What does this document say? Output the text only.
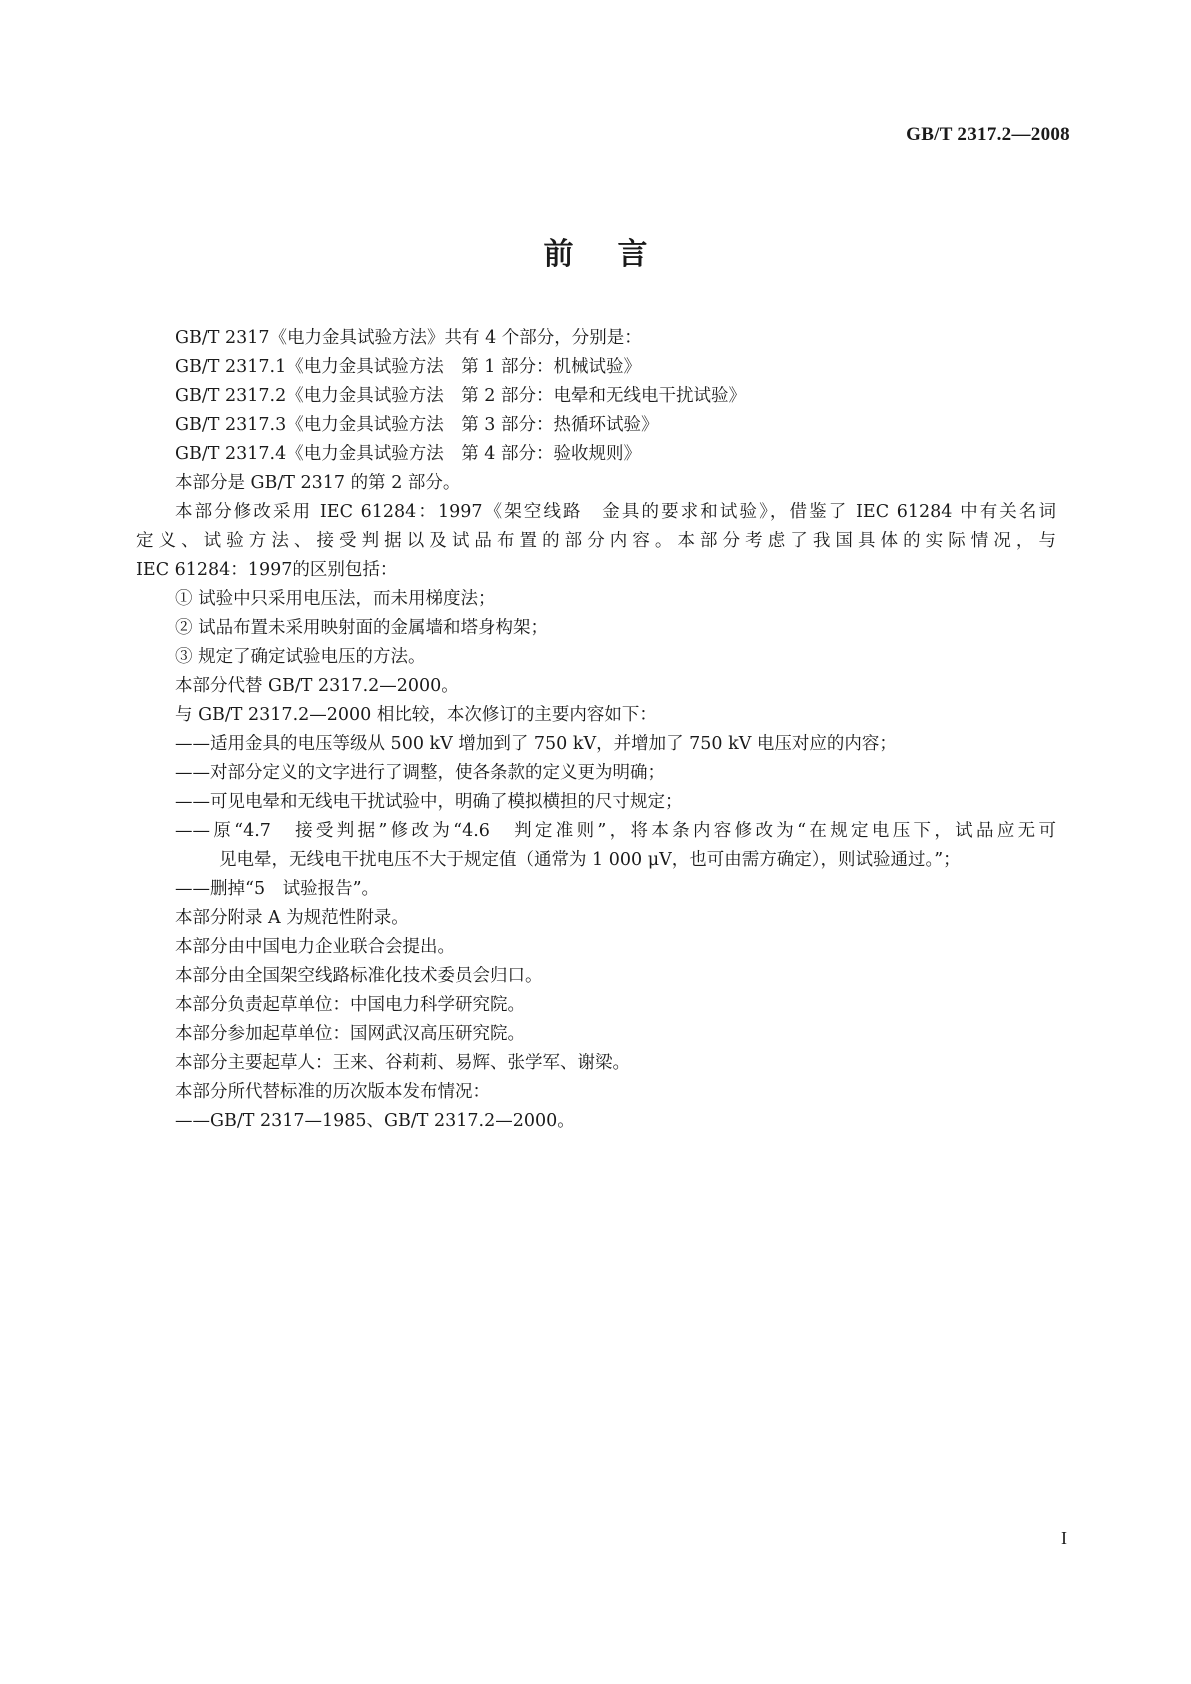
GB/T 2317.2—2008
前言
GB/T 2317《电力金具试验方法》共有 4 个部分，分别是：
GB/T 2317.1《电力金具试验方法　第 1 部分：机械试验》
GB/T 2317.2《电力金具试验方法　第 2 部分：电晕和无线电干扰试验》
GB/T 2317.3《电力金具试验方法　第 3 部分：热循环试验》
GB/T 2317.4《电力金具试验方法　第 4 部分：验收规则》
本部分是 GB/T 2317 的第 2 部分。
本部分修改采用 IEC 61284：1997《架空线路　金具的要求和试验》，借鉴了 IEC 61284 中有关名词
定义、试验方法、接受判据以及试品布置的部分内容。本部分考虑了我国具体的实际情况，与
IEC 61284：1997的区别包括：
① 试验中只采用电压法，而未用梯度法；
② 试品布置未采用映射面的金属墙和塔身构架；
③ 规定了确定试验电压的方法。
本部分代替 GB/T 2317.2—2000。
与 GB/T 2317.2—2000 相比较，本次修订的主要内容如下：
——适用金具的电压等级从 500 kV 增加到了 750 kV，并增加了 750 kV 电压对应的内容；
——对部分定义的文字进行了调整，使各条款的定义更为明确；
——可见电晕和无线电干扰试验中，明确了模拟横担的尺寸规定；
——原“4.7　接受判据”修改为“4.6　判定准则”，将本条内容修改为“在规定电压下，试品应无可
见电晕，无线电干扰电压不大于规定值（通常为 1 000 μV，也可由需方确定），则试验通过。”；
——删掉“5　试验报告”。
本部分附录 A 为规范性附录。
本部分由中国电力企业联合会提出。
本部分由全国架空线路标准化技术委员会归口。
本部分负责起草单位：中国电力科学研究院。
本部分参加起草单位：国网武汉高压研究院。
本部分主要起草人：王来、谷莉莉、易辉、张学军、谢梁。
本部分所代替标准的历次版本发布情况：
——GB/T 2317—1985、GB/T 2317.2—2000。
I
